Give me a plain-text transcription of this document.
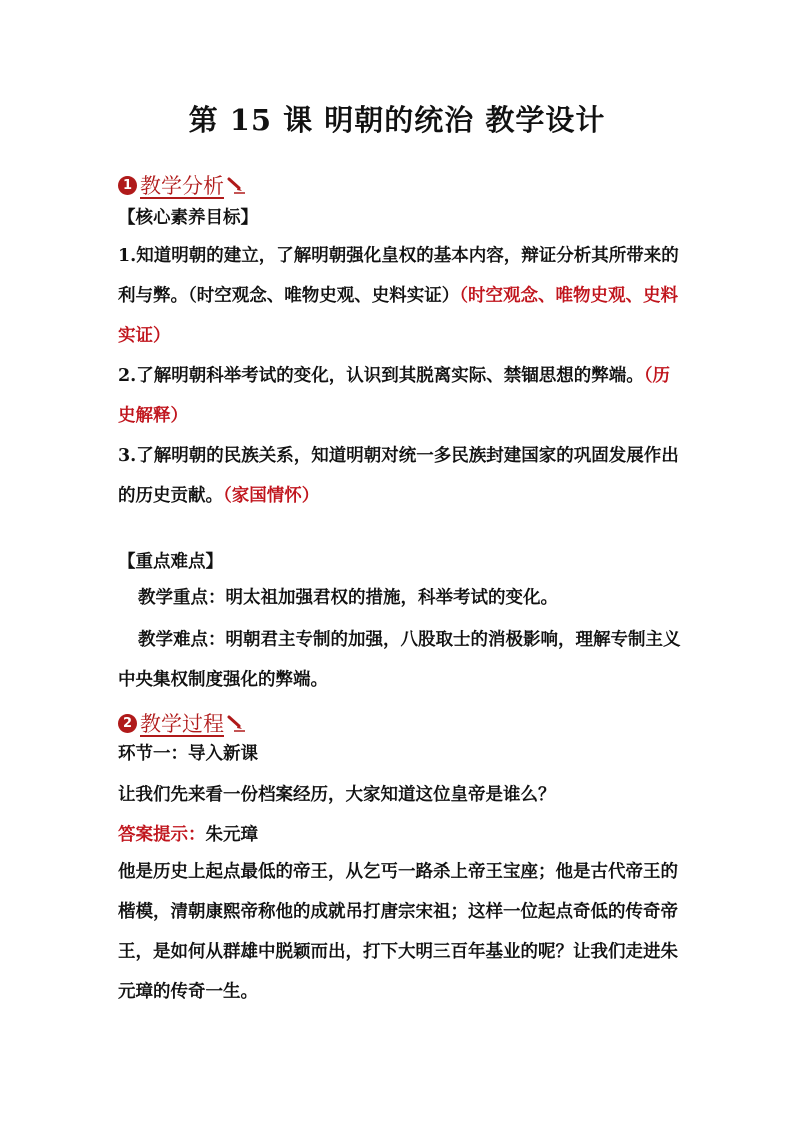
第 15 课 明朝的统治 教学设计
1 教学分析
【核心素养目标】
1.知道明朝的建立，了解明朝强化皇权的基本内容，辩证分析其所带来的利与弊。（时空观念、唯物史观、史料实证）（时空观念、唯物史观、史料实证）
2.了解明朝科举考试的变化，认识到其脱离实际、禁锢思想的弊端。（历史解释）
3.了解明朝的民族关系，知道明朝对统一多民族封建国家的巩固发展作出的历史贡献。（家国情怀）
【重点难点】
教学重点：明太祖加强君权的措施，科举考试的变化。
教学难点：明朝君主专制的加强，八股取士的消极影响，理解专制主义中央集权制度强化的弊端。
2 教学过程
环节一：导入新课
让我们先来看一份档案经历，大家知道这位皇帝是谁么？
答案提示：朱元璋
他是历史上起点最低的帝王，从乞丐一路杀上帝王宝座；他是古代帝王的楷模，清朝康熙帝称他的成就吊打唐宗宋祖；这样一位起点奇低的传奇帝王，是如何从群雄中脱颖而出，打下大明三百年基业的呢？让我们走进朱元璋的传奇一生。
